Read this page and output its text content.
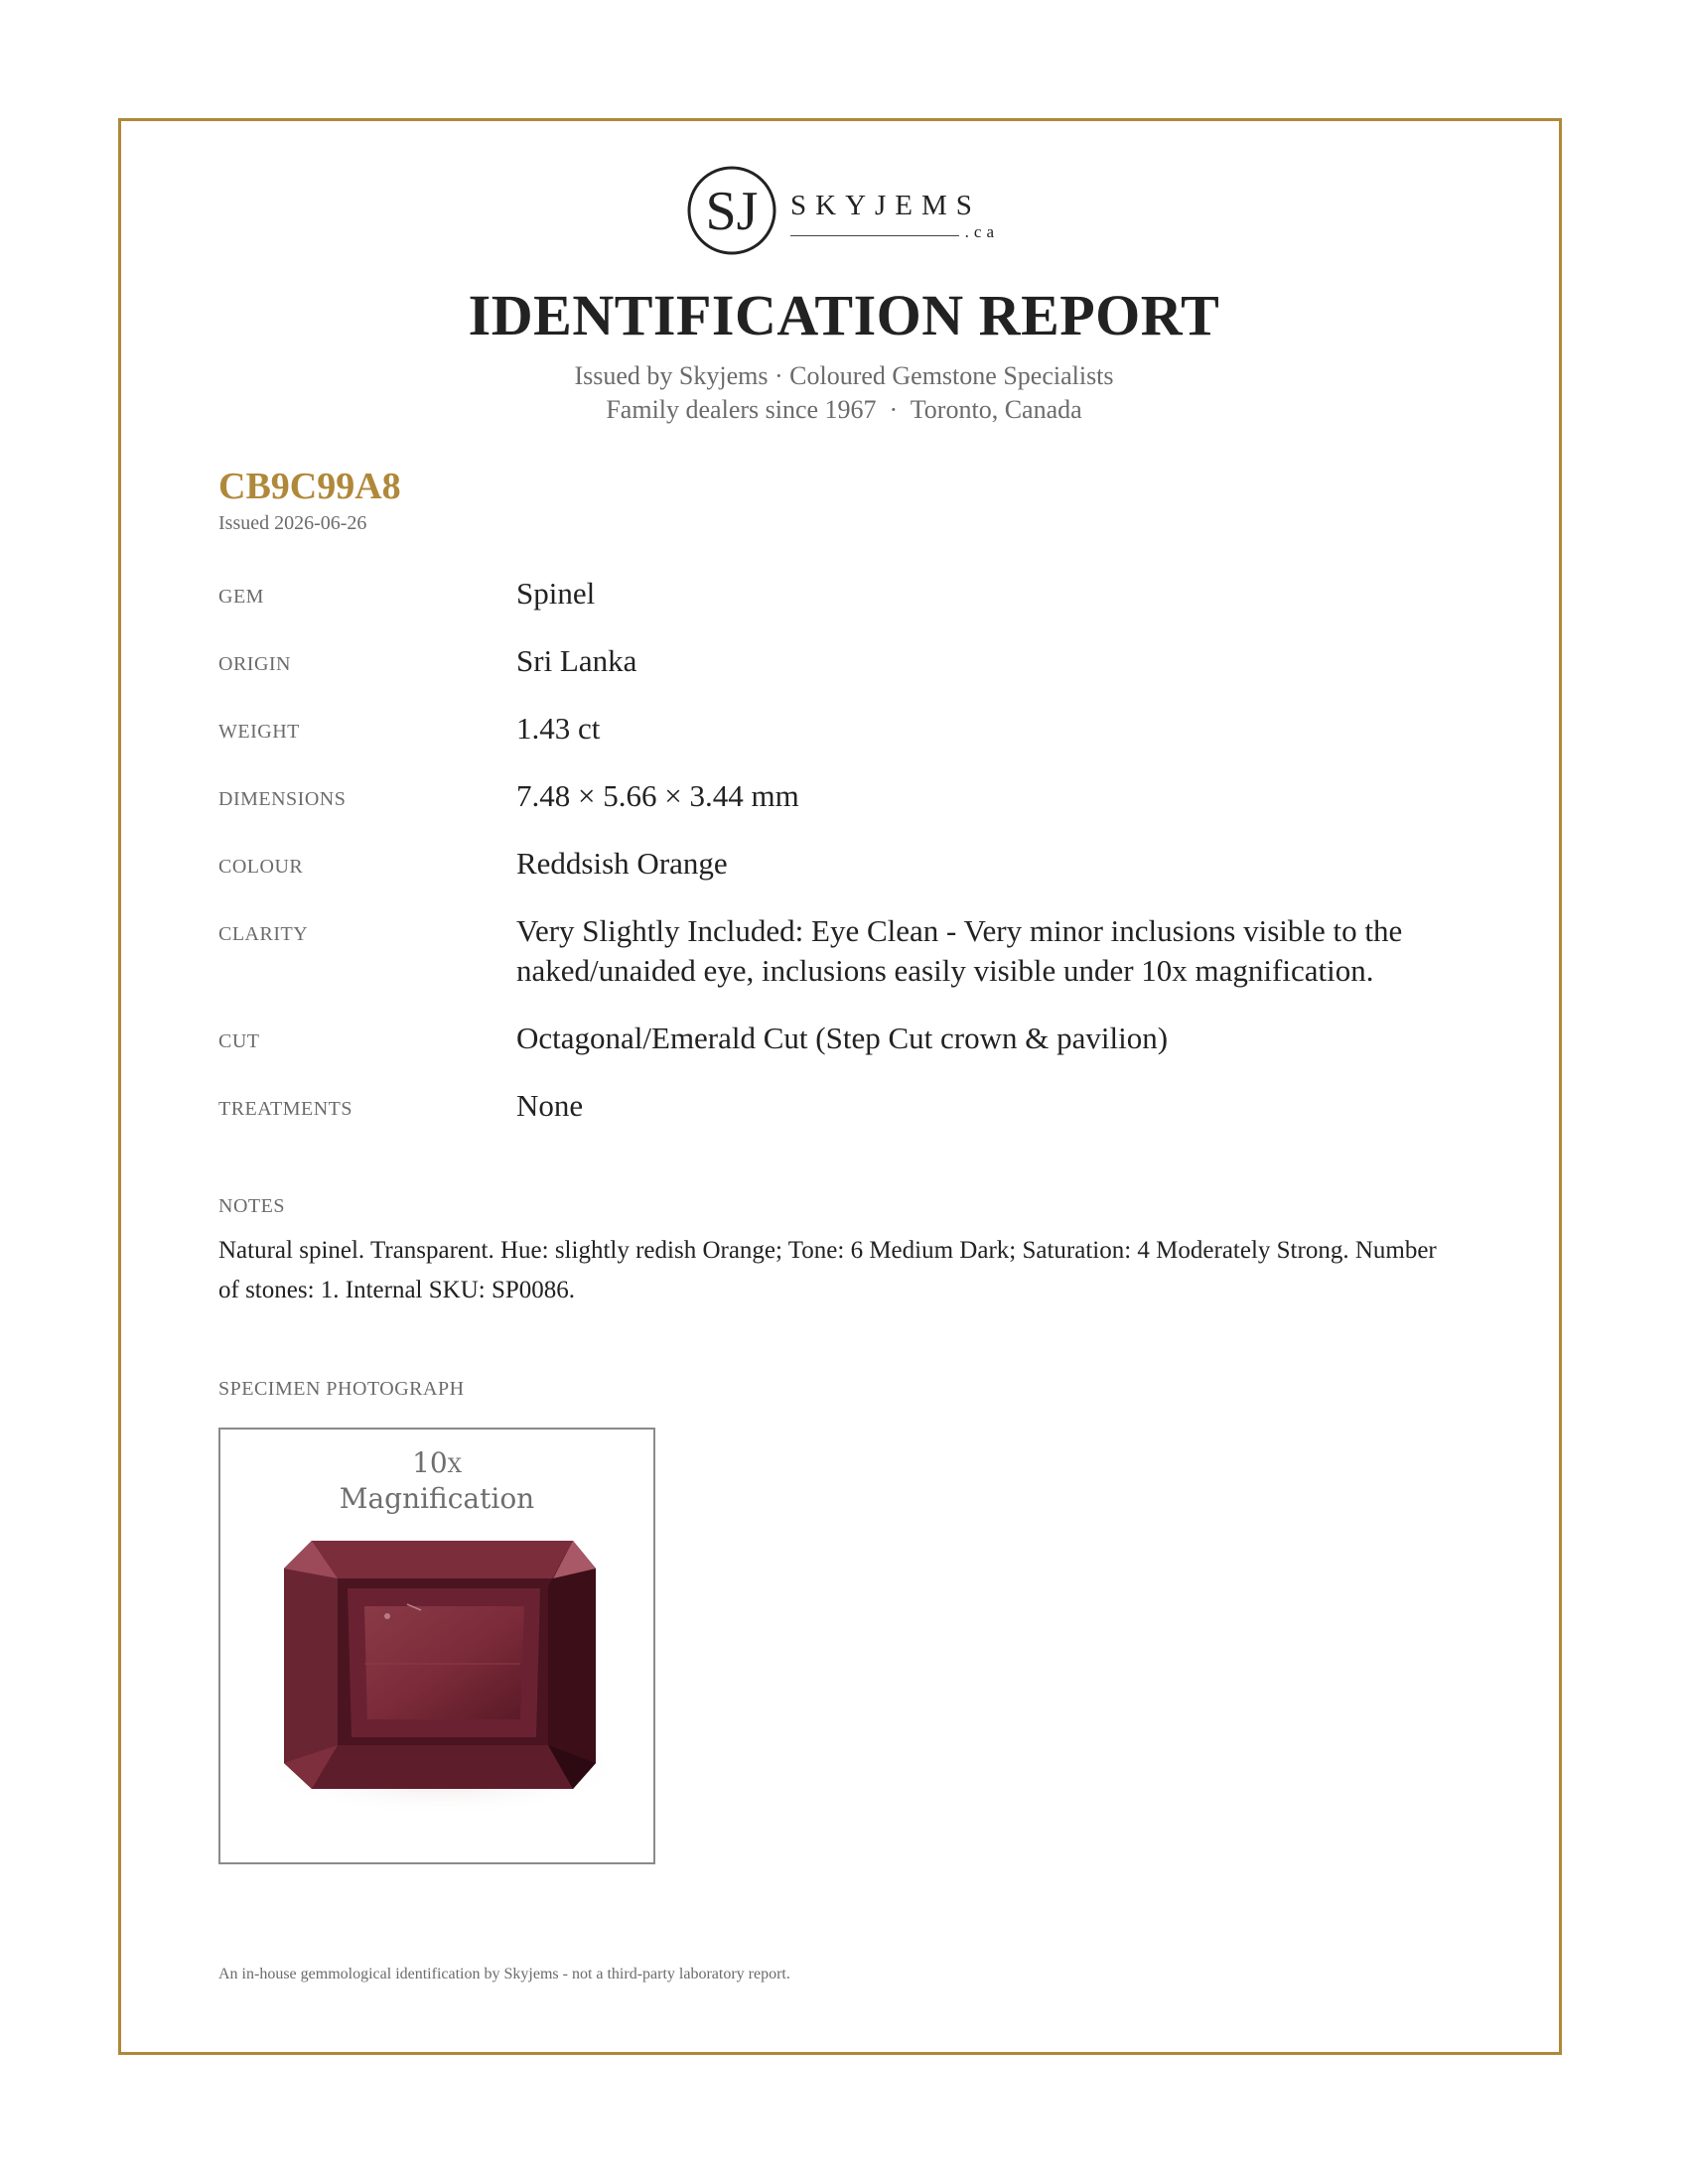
SJ SKYJEMS
.ca
IDENTIFICATION REPORT
Issued by Skyjems · Coloured Gemstone Specialists
Family dealers since 1967  ·  Toronto, Canada
CB9C99A8
Issued 2026-06-26
GEM	Spinel
ORIGIN	Sri Lanka
WEIGHT	1.43 ct
DIMENSIONS	7.48 × 5.66 × 3.44 mm
COLOUR	Reddsish Orange
CLARITY	Very Slightly Included: Eye Clean - Very minor inclusions visible to the naked/unaided eye, inclusions easily visible under 10x magnification.
CUT	Octagonal/Emerald Cut (Step Cut crown & pavilion)
TREATMENTS	None
NOTES
Natural spinel. Transparent. Hue: slightly redish Orange; Tone: 6 Medium Dark; Saturation: 4 Moderately Strong. Number of stones: 1. Internal SKU: SP0086.
SPECIMEN PHOTOGRAPH
10x
Magnification
An in-house gemmological identification by Skyjems - not a third-party laboratory report.
